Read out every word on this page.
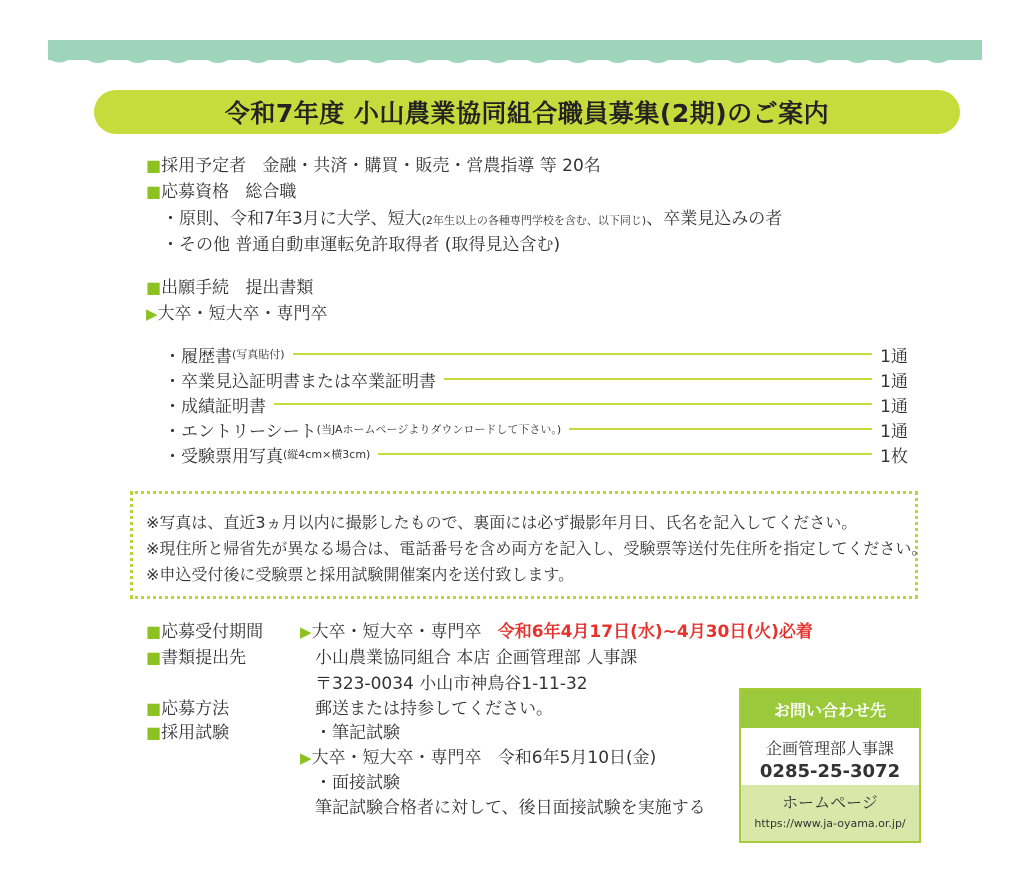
令和7年度 小山農業協同組合職員募集(2期)のご案内
■採用予定者 金融・共済・購買・販売・営農指導 等 20名
■応募資格 総合職
・原則、令和7年3月に大学、短大(2年生以上の各種専門学校を含む、以下同じ)、卒業見込みの者
・その他 普通自動車運転免許取得者 (取得見込含む)
■出願手続 提出書類
▶大卒・短大卒・専門卒
・履歴書 (写真貼付)	1通
・卒業見込証明書または卒業証明書	1通
・成績証明書	1通
・エントリーシート (当JAホームページよりダウンロードして下さい。)	1通
・受験票用写真 (縦4cm×横3cm)	1枚
※写真は、直近3ヵ月以内に撮影したもので、裏面には必ず撮影年月日、氏名を記入してください。
※現住所と帰省先が異なる場合は、電話番号を含め両方を記入し、受験票等送付先住所を指定してください。
※申込受付後に受験票と採用試験開催案内を送付致します。
■応募受付期間 ▶大卒・短大卒・専門卒 令和6年4月17日(水)~4月30日(火)必着
■書類提出先	小山農業協同組合 本店 企画管理部 人事課
〒323-0034 小山市神鳥谷1-11-32
■応募方法	郵送または持参してください。
■採用試験	・筆記試験
▶大卒・短大卒・専門卒 令和6年5月10日(金)
・面接試験
筆記試験合格者に対して、後日面接試験を実施する
お問い合わせ先
企画管理部人事課
0285-25-3072
ホームページ
https://www.ja-oyama.or.jp/
